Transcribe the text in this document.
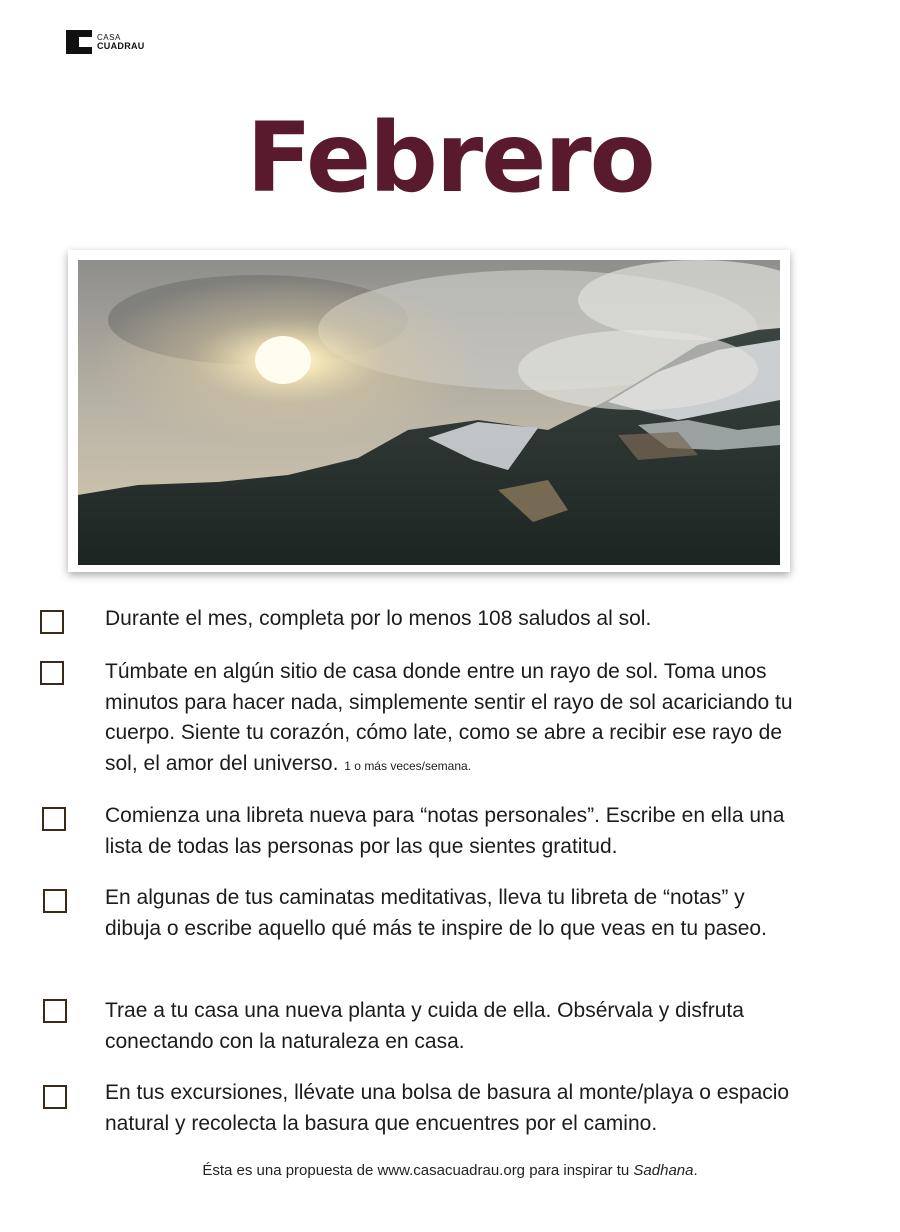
CASA
CUADRAU
Febrero
Durante el mes, completa por lo menos 108 saludos al sol.
Túmbate en algún sitio de casa donde entre un rayo de sol. Toma unos minutos para hacer nada, simplemente sentir el rayo de sol acariciando tu cuerpo. Siente tu corazón, cómo late, como se abre a recibir ese rayo de sol, el amor del universo. 1 o más veces/semana.
Comienza una libreta nueva para “notas personales”. Escribe en ella una lista de todas las personas por las que sientes gratitud.
En algunas de tus caminatas meditativas, lleva tu libreta de “notas” y dibuja o escribe aquello qué más te inspire de lo que veas en tu paseo.
Trae a tu casa una nueva planta y cuida de ella. Obsérvala y disfruta conectando con la naturaleza en casa.
En tus excursiones, llévate una bolsa de basura al monte/playa o espacio natural y recolecta la basura que encuentres por el camino.
Ésta es una propuesta de www.casacuadrau.org para inspirar tu Sadhana.
